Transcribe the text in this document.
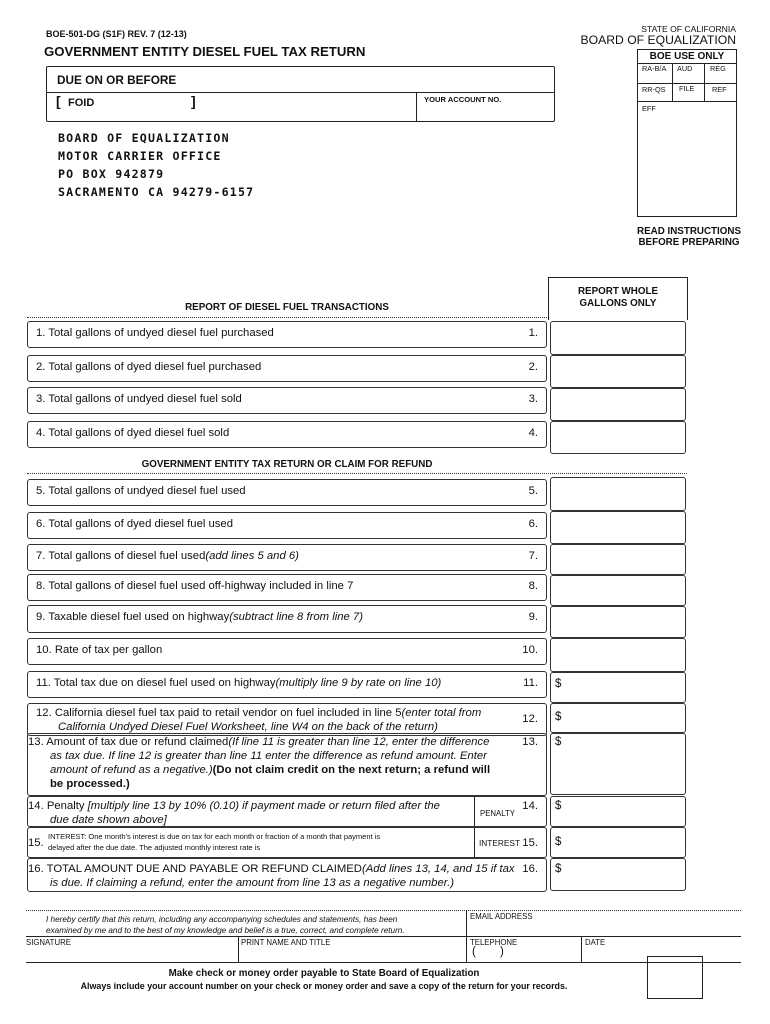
BOE-501-DG (S1F) REV. 7 (12-13)
GOVERNMENT ENTITY DIESEL FUEL TAX RETURN
STATE OF CALIFORNIA
BOARD OF EQUALIZATION
DUE ON OR BEFORE
YOUR ACCOUNT NO.
[ FOID	]
BOE USE ONLY
RA-B/A AUD REG
RR-QS FILE REF
EFF
BOARD OF EQUALIZATION
MOTOR CARRIER OFFICE
PO BOX 942879
SACRAMENTO CA 94279-6157
READ INSTRUCTIONS
BEFORE PREPARING
REPORT OF DIESEL FUEL TRANSACTIONS
REPORT WHOLE
GALLONS ONLY
1. Total gallons of undyed diesel fuel purchased	1.
2. Total gallons of dyed diesel fuel purchased	2.
3. Total gallons of undyed diesel fuel sold	3.
4. Total gallons of dyed diesel fuel sold	4.
GOVERNMENT ENTITY TAX RETURN OR CLAIM FOR REFUND
5. Total gallons of undyed diesel fuel used	5.
6. Total gallons of dyed diesel fuel used	6.
7. Total gallons of diesel fuel used(add lines 5 and 6)	7.
8. Total gallons of diesel fuel used off-highway included in line 7	8.
9. Taxable diesel fuel used on highway(subtract line 8 from line 7)	9.
10. Rate of tax per gallon	10.
11. Total tax due on diesel fuel used on highway(multiply line 9 by rate on line 10)	11. $
12. California diesel fuel tax paid to retail vendor on fuel included in line 5(enter total from
California Undyed Diesel Fuel Worksheet, line W4 on the back of the return)
12. $
13. Amount of tax due or refund claimed(If line 11 is greater than line 12, enter the difference
as tax due. If line 12 is greater than line 11 enter the difference as refund amount. Enter
amount of refund as a negative.)(Do not claim credit on the next return; a refund will
be processed.)
13. $
14. Penalty [multiply line 13 by 10% (0.10) if payment made or return filed after the
due date shown above]
PENALTY
14. $
15.
INTEREST: One month’s interest is due on tax for each month or fraction of a month that payment is
delayed after the due date. The adjusted monthly interest rate is	INTEREST 15. $
16. TOTAL AMOUNT DUE AND PAYABLE OR REFUND CLAIMED(Add lines 13, 14, and 15 if tax
is due. If claiming a refund, enter the amount from line 13 as a negative number.)
16. $
I hereby certify that this return, including any accompanying schedules and statements, has been
examined by me and to the best of my knowledge and belief is a true, correct, and complete return.
EMAIL ADDRESS
SIGNATURE	PRINT NAME AND TITLE	TELEPHONE
( )
DATE
Make check or money order payable to State Board of Equalization
Always include your account number on your check or money order and save a copy of the return for your records.
